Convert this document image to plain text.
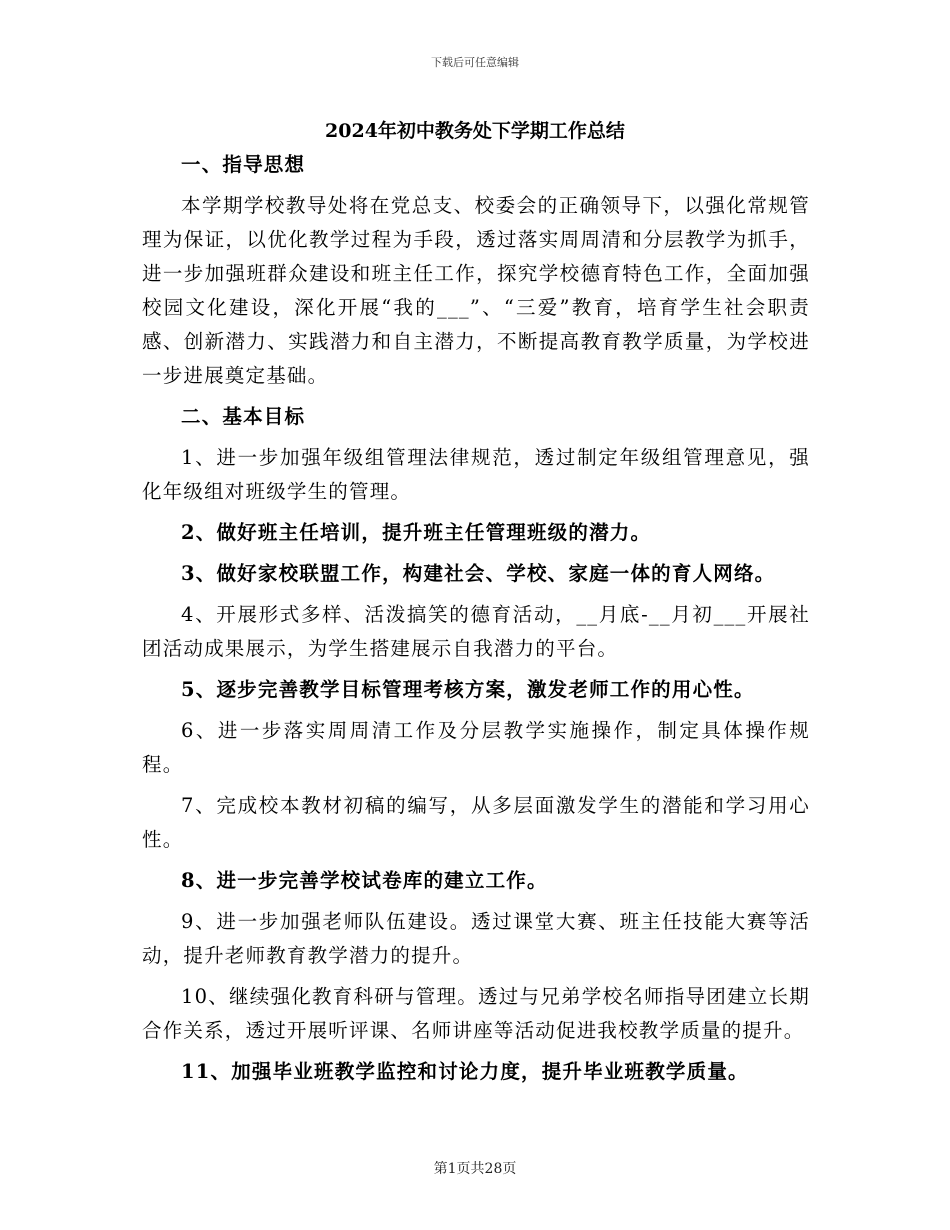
下载后可任意编辑
2024年初中教务处下学期工作总结

一、指导思想

本学期学校教导处将在党总支、校委会的正确领导下，以强化常规管理为保证，以优化教学过程为手段，透过落实周周清和分层教学为抓手，进一步加强班群众建设和班主任工作，探究学校德育特色工作，全面加强校园文化建设，深化开展“我的___”、“三爱”教育，培育学生社会职责感、创新潜力、实践潜力和自主潜力，不断提高教育教学质量，为学校进一步进展奠定基础。

二、基本目标

1、进一步加强年级组管理法律规范，透过制定年级组管理意见，强化年级组对班级学生的管理。

2、做好班主任培训，提升班主任管理班级的潜力。

3、做好家校联盟工作，构建社会、学校、家庭一体的育人网络。

4、开展形式多样、活泼搞笑的德育活动，__月底-__月初___开展社团活动成果展示，为学生搭建展示自我潜力的平台。

5、逐步完善教学目标管理考核方案，激发老师工作的用心性。

6、进一步落实周周清工作及分层教学实施操作，制定具体操作规程。

7、完成校本教材初稿的编写，从多层面激发学生的潜能和学习用心性。

8、进一步完善学校试卷库的建立工作。

9、进一步加强老师队伍建设。透过课堂大赛、班主任技能大赛等活动，提升老师教育教学潜力的提升。

10、继续强化教育科研与管理。透过与兄弟学校名师指导团建立长期合作关系，透过开展听评课、名师讲座等活动促进我校教学质量的提升。

11、加强毕业班教学监控和讨论力度，提升毕业班教学质量。

第1页共28页
